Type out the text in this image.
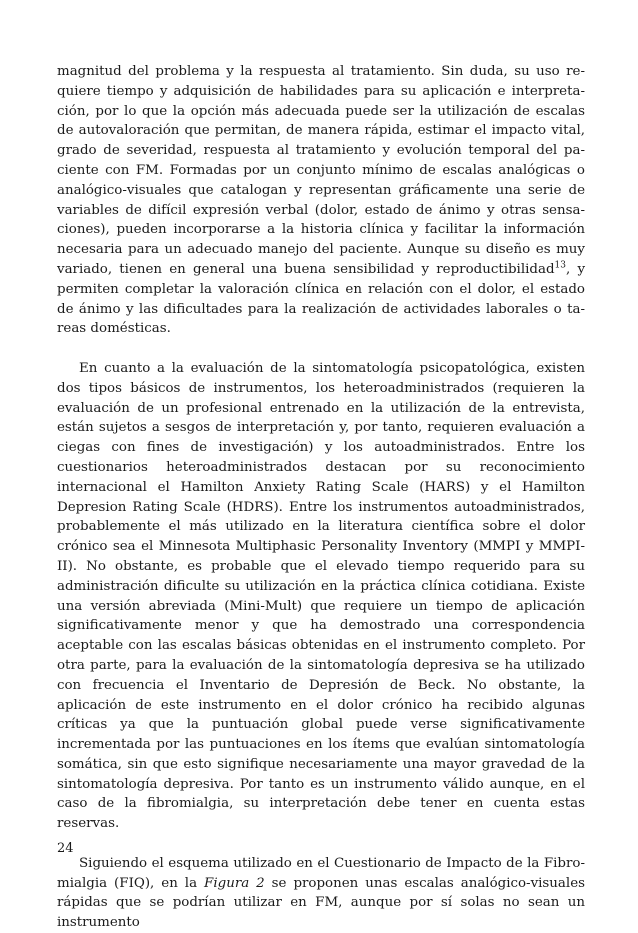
magnitud del problema y la respuesta al tratamiento. Sin duda, su uso requiere tiempo y adquisición de habilidades para su aplicación e interpretación, por lo que la opción más adecuada puede ser la utilización de escalas de autovaloración que permitan, de manera rápida, estimar el impacto vital, grado de severidad, respuesta al tratamiento y evolución temporal del paciente con FM. Formadas por un conjunto mínimo de escalas analógicas o analógico-visuales que catalogan y representan gráficamente una serie de variables de difícil expresión verbal (dolor, estado de ánimo y otras sensaciones), pueden incorporarse a la historia clínica y facilitar la información necesaria para un adecuado manejo del paciente. Aunque su diseño es muy variado, tienen en general una buena sensibilidad y reproductibilidad$^{13}$, y permiten completar la valoración clínica en relación con el dolor, el estado de ánimo y las dificultades para la realización de actividades laborales o tareas domésticas.

En cuanto a la evaluación de la sintomatología psicopatológica, existen dos tipos básicos de instrumentos, los heteroadministrados (requieren la evaluación de un profesional entrenado en la utilización de la entrevista, están sujetos a sesgos de interpretación y, por tanto, requieren evaluación a ciegas con fines de investigación) y los autoadministrados. Entre los cuestionarios heteroadministrados destacan por su reconocimiento internacional el Hamilton Anxiety Rating Scale (HARS) y el Hamilton Depresion Rating Scale (HDRS). Entre los instrumentos autoadministrados, probablemente el más utilizado en la literatura científica sobre el dolor crónico sea el Minnesota Multiphasic Personality Inventory (MMPI y MMPI-II). No obstante, es probable que el elevado tiempo requerido para su administración dificulte su utilización en la práctica clínica cotidiana. Existe una versión abreviada (Mini-Mult) que requiere un tiempo de aplicación significativamente menor y que ha demostrado una correspondencia aceptable con las escalas básicas obtenidas en el instrumento completo. Por otra parte, para la evaluación de la sintomatología depresiva se ha utilizado con frecuencia el Inventario de Depresión de Beck. No obstante, la aplicación de este instrumento en el dolor crónico ha recibido algunas críticas ya que la puntuación global puede verse significativamente incrementada por las puntuaciones en los ítems que evalúan sintomatología somática, sin que esto signifique necesariamente una mayor gravedad de la sintomatología depresiva. Por tanto es un instrumento válido aunque, en el caso de la fibromialgia, su interpretación debe tener en cuenta estas reservas.

Siguiendo el esquema utilizado en el Cuestionario de Impacto de la Fibromialgia (FIQ), en la Figura 2 se proponen unas escalas analógico-visuales rápidas que se podrían utilizar en FM, aunque por sí solas no sean un instrumento

24
